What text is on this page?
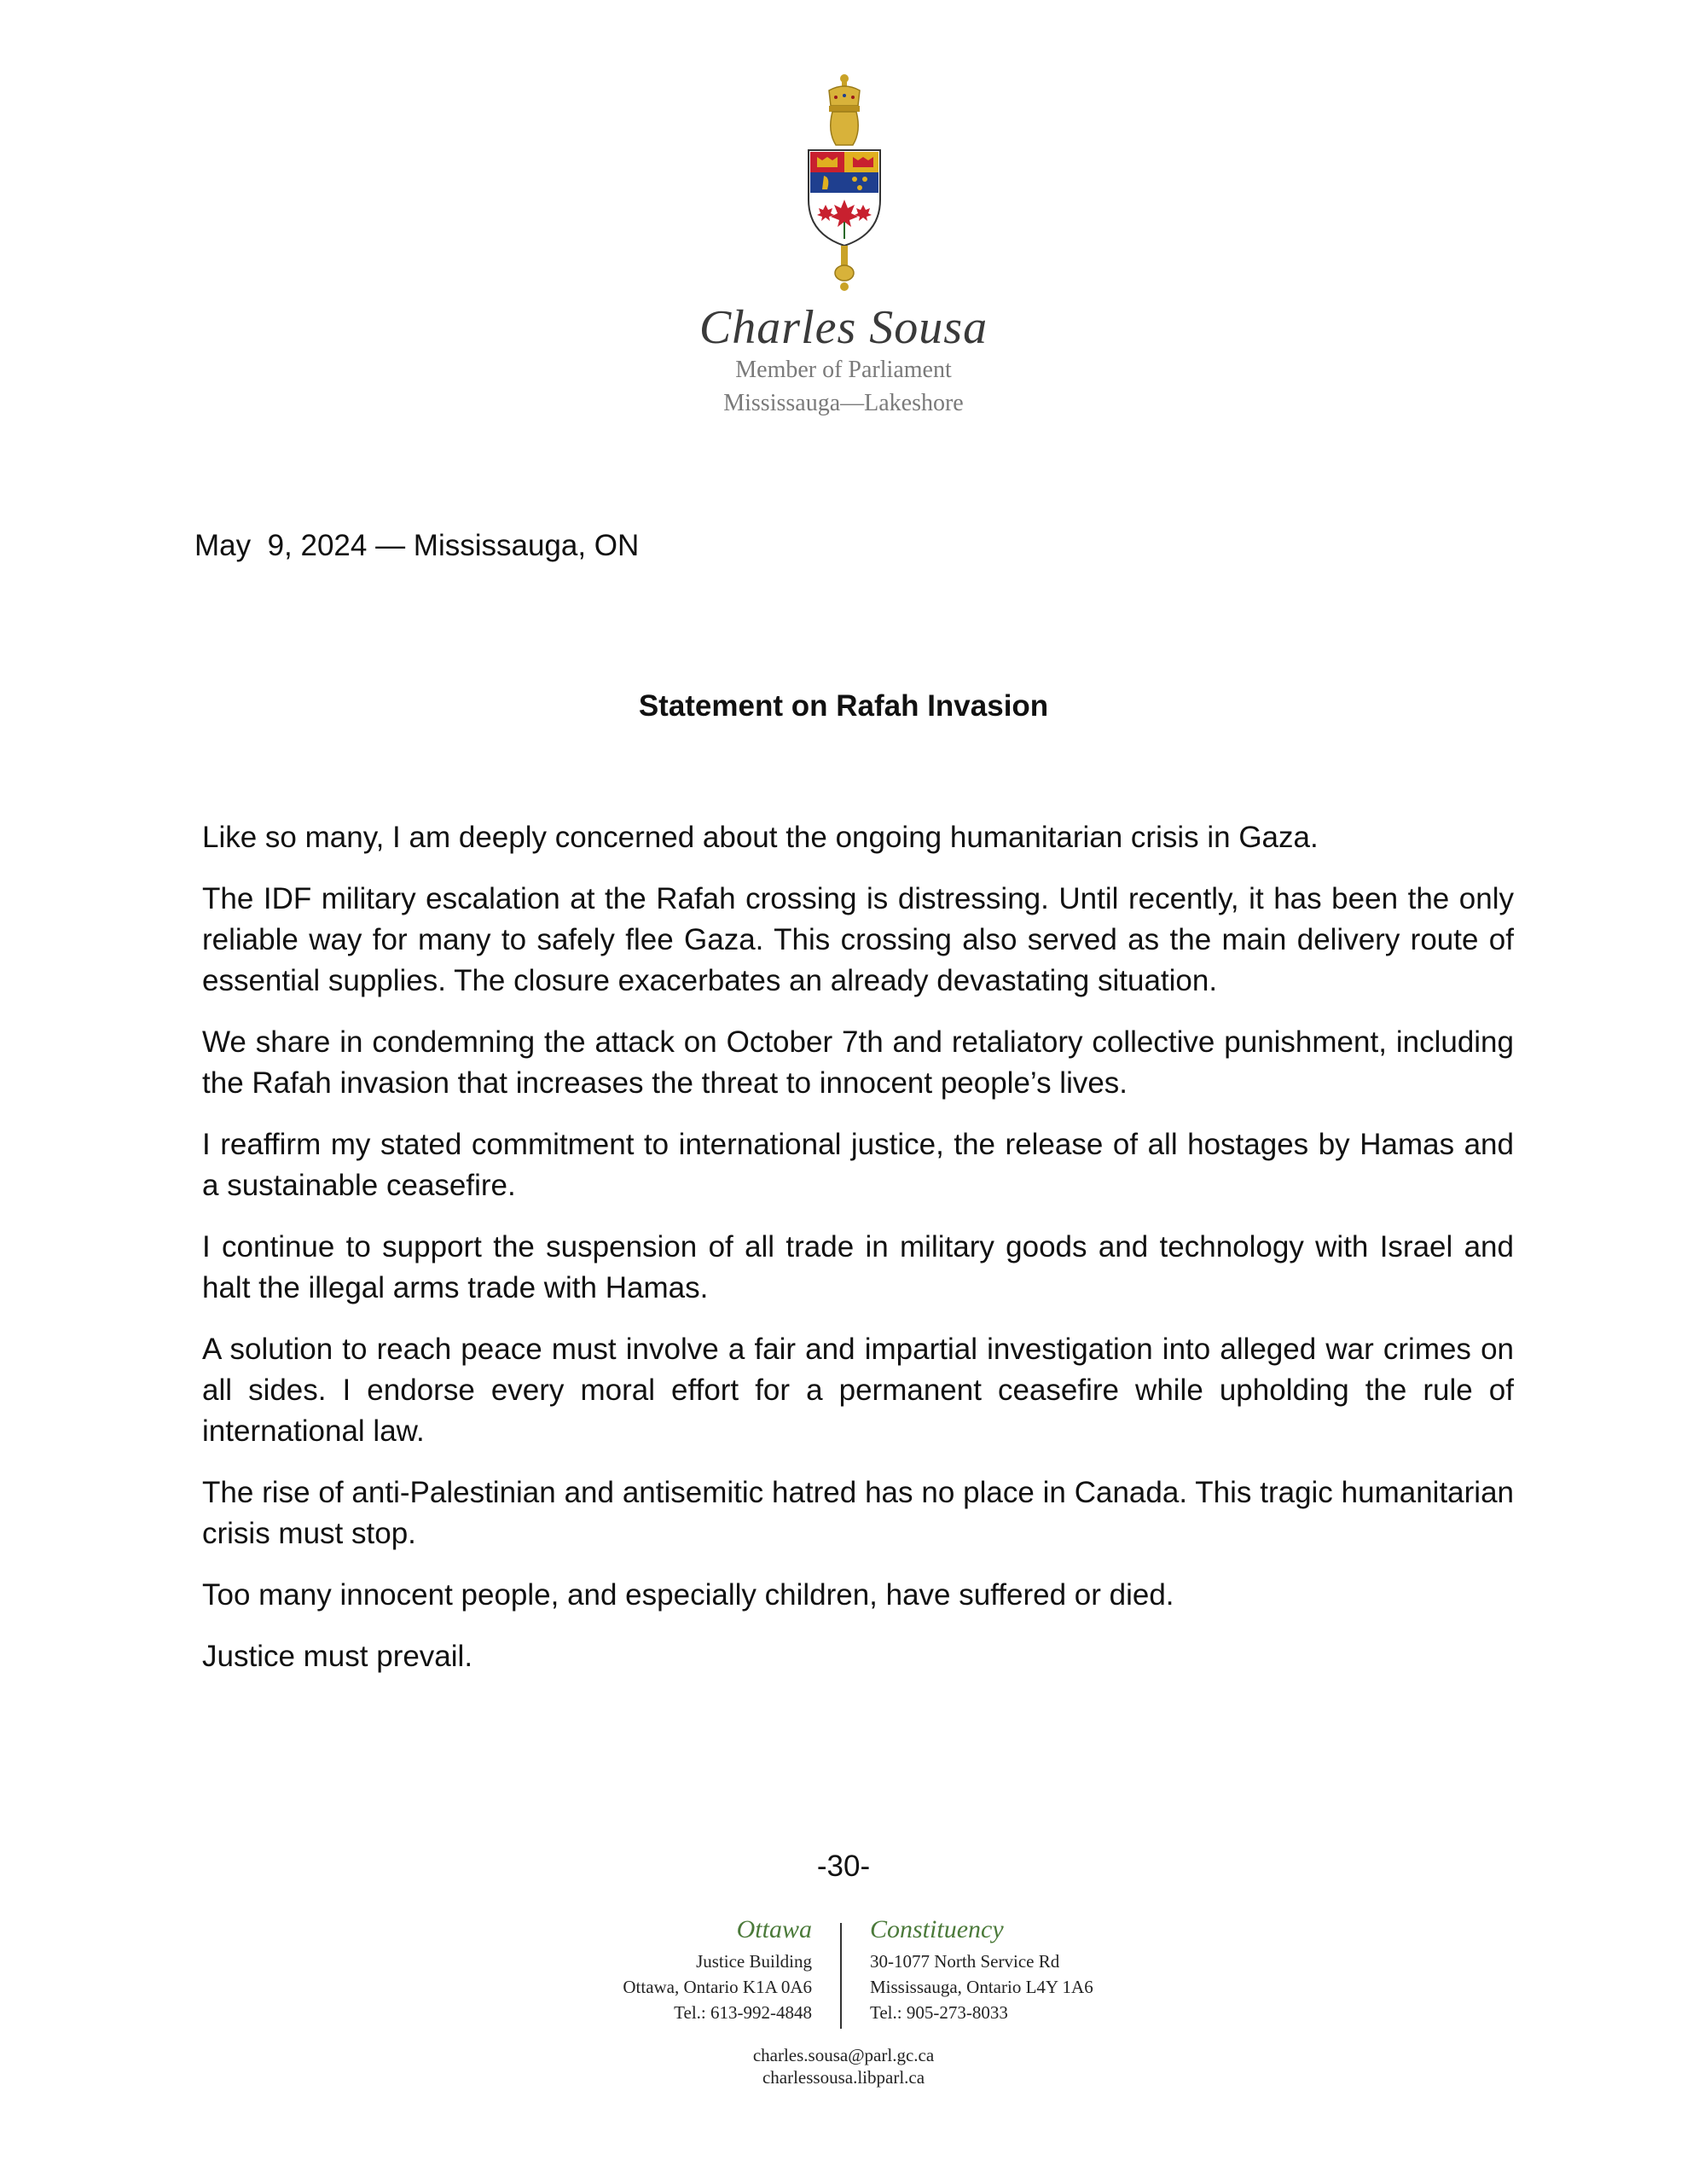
Charles Sousa
Member of Parliament
Mississauga—Lakeshore
May  9, 2024 — Mississauga, ON
Statement on Rafah Invasion

Like so many, I am deeply concerned about the ongoing humanitarian crisis in Gaza.

The IDF military escalation at the Rafah crossing is distressing. Until recently, it has been the only reliable way for many to safely flee Gaza. This crossing also served as the main delivery route of essential supplies. The closure exacerbates an already devastating situation.

We share in condemning the attack on October 7th and retaliatory collective punishment, including the Rafah invasion that increases the threat to innocent people’s lives.

I reaffirm my stated commitment to international justice, the release of all hostages by Hamas and a sustainable ceasefire.

I continue to support the suspension of all trade in military goods and technology with Israel and halt the illegal arms trade with Hamas.

A solution to reach peace must involve a fair and impartial investigation into alleged war crimes on all sides. I endorse every moral effort for a permanent ceasefire while upholding the rule of international law.

The rise of anti-Palestinian and antisemitic hatred has no place in Canada. This tragic humanitarian crisis must stop.

Too many innocent people, and especially children, have suffered or died.

Justice must prevail.

-30-
Ottawa
Justice Building
Ottawa, Ontario K1A 0A6
Tel.: 613-992-4848
Constituency
30-1077 North Service Rd
Mississauga, Ontario L4Y 1A6
Tel.: 905-273-8033
charles.sousa@parl.gc.ca
charlessousa.libparl.ca
